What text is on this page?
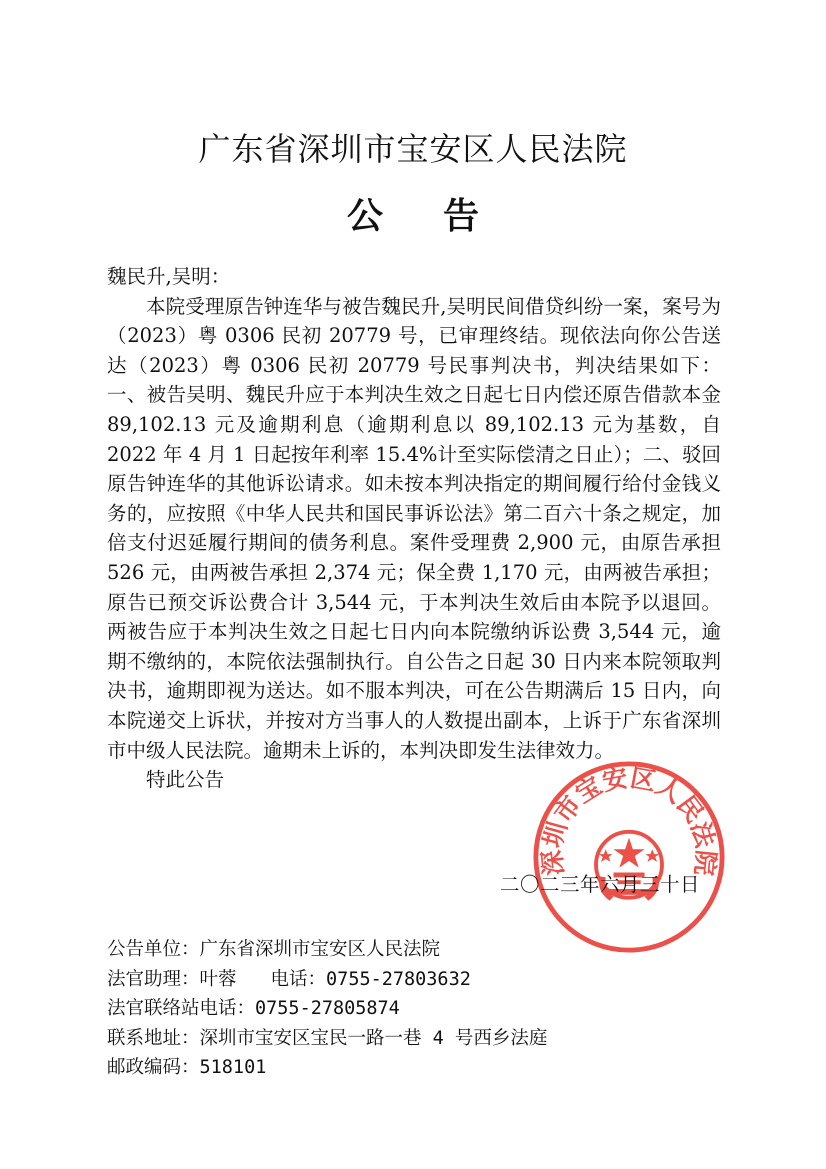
广东省深圳市宝安区人民法院
公告

魏民升,吴明：

本院受理原告钟连华与被告魏民升,吴明民间借贷纠纷一案，案号为（2023）粤 0306 民初 20779 号，已审理终结。现依法向你公告送达（2023）粤 0306 民初 20779 号民事判决书，判决结果如下：一、被告吴明、魏民升应于本判决生效之日起七日内偿还原告借款本金 89,102.13 元及逾期利息（逾期利息以 89,102.13 元为基数，自 2022 年 4 月 1 日起按年利率 15.4%计至实际偿清之日止）；二、驳回原告钟连华的其他诉讼请求。如未按本判决指定的期间履行给付金钱义务的，应按照《中华人民共和国民事诉讼法》第二百六十条之规定，加倍支付迟延履行期间的债务利息。案件受理费 2,900 元，由原告承担 526 元，由两被告承担 2,374 元；保全费 1,170 元，由两被告承担；原告已预交诉讼费合计 3,544 元，于本判决生效后由本院予以退回。两被告应于本判决生效之日起七日内向本院缴纳诉讼费 3,544 元，逾期不缴纳的，本院依法强制执行。自公告之日起 30 日内来本院领取判决书，逾期即视为送达。如不服本判决，可在公告期满后 15 日内，向本院递交上诉状，并按对方当事人的人数提出副本，上诉于广东省深圳市中级人民法院。逾期未上诉的，本判决即发生法律效力。

特此公告

深圳市宝安区人民法院
二〇二三年六月三十日
公告单位：广东省深圳市宝安区人民法院
法官助理：叶蓉 电话：0755-27803632
法官联络站电话：0755-27805874
联系地址：深圳市宝安区宝民一路一巷 4 号西乡法庭
邮政编码：518101
